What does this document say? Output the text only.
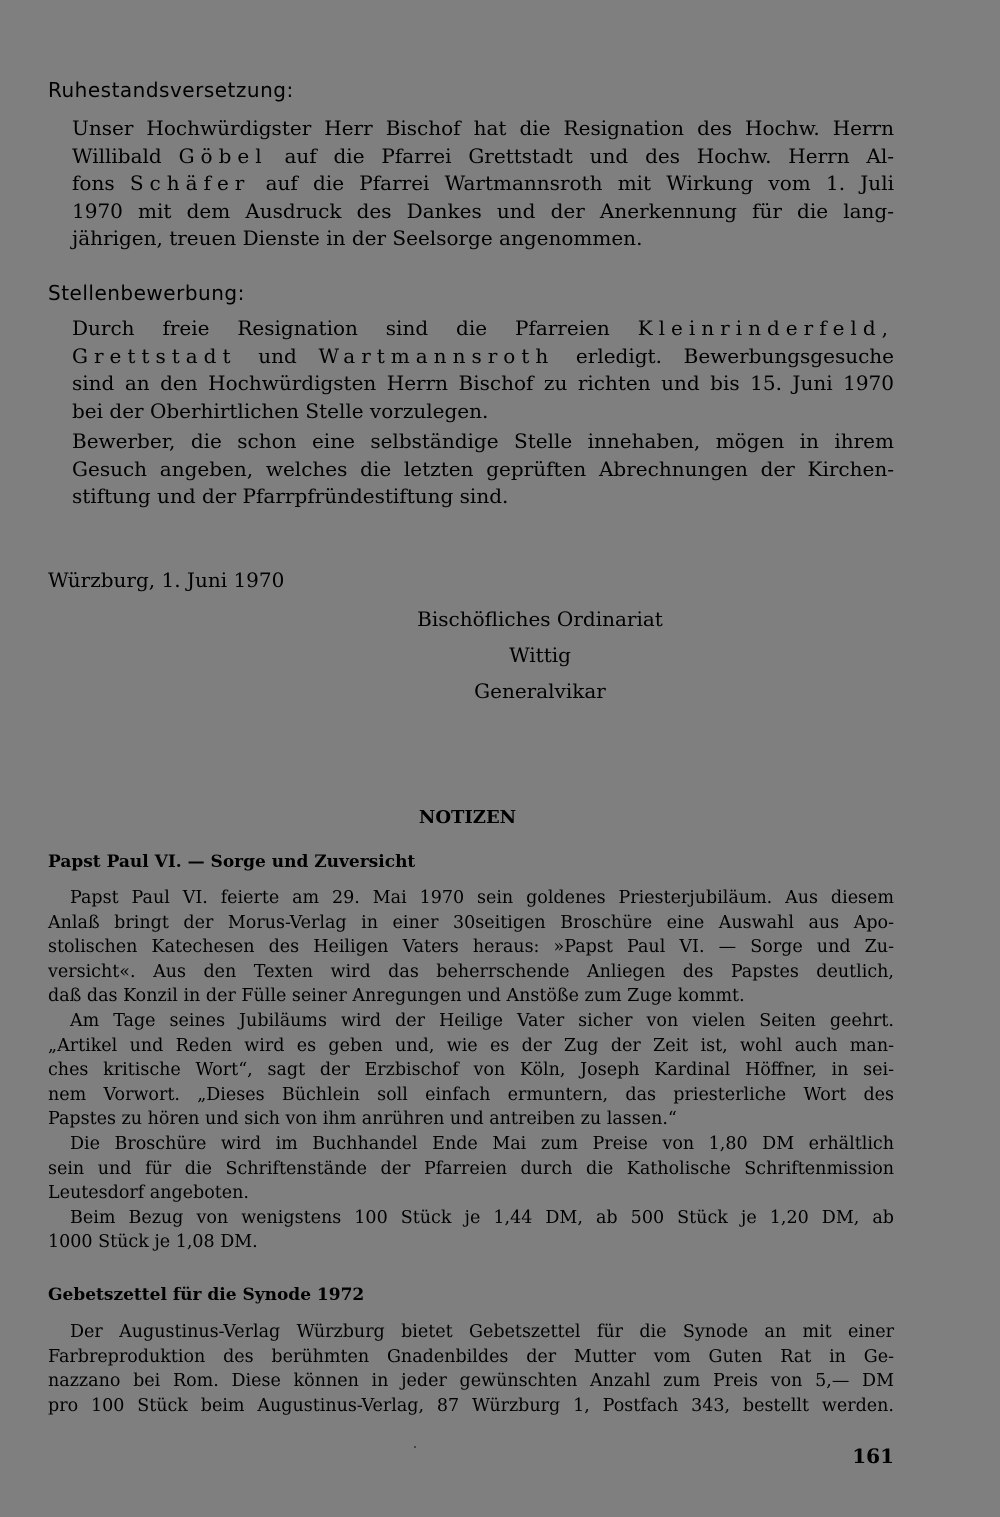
Ruhestandsversetzung:
Unser Hochwürdigster Herr Bischof hat die Resignation des Hochw. Herrn
Willibald Göbel auf die Pfarrei Grettstadt und des Hochw. Herrn Al-
fons Schäfer auf die Pfarrei Wartmannsroth mit Wirkung vom 1. Juli
1970 mit dem Ausdruck des Dankes und der Anerkennung für die lang-
jährigen, treuen Dienste in der Seelsorge angenommen.
Stellenbewerbung:
Durch freie Resignation sind die Pfarreien Kleinrinderfeld,
Grettstadt und Wartmannsroth erledigt. Bewerbungsgesuche
sind an den Hochwürdigsten Herrn Bischof zu richten und bis 15. Juni 1970
bei der Oberhirtlichen Stelle vorzulegen.
Bewerber, die schon eine selbständige Stelle innehaben, mögen in ihrem
Gesuch angeben, welches die letzten geprüften Abrechnungen der Kirchen-
stiftung und der Pfarrpfründestiftung sind.
Würzburg, 1. Juni 1970
Bischöfliches Ordinariat
Wittig
Generalvikar
NOTIZEN
Papst Paul VI. — Sorge und Zuversicht
Papst Paul VI. feierte am 29. Mai 1970 sein goldenes Priesterjubiläum. Aus diesem
Anlaß bringt der Morus-Verlag in einer 30seitigen Broschüre eine Auswahl aus Apo-
stolischen Katechesen des Heiligen Vaters heraus: »Papst Paul VI. — Sorge und Zu-
versicht«. Aus den Texten wird das beherrschende Anliegen des Papstes deutlich,
daß das Konzil in der Fülle seiner Anregungen und Anstöße zum Zuge kommt.
Am Tage seines Jubiläums wird der Heilige Vater sicher von vielen Seiten geehrt.
„Artikel und Reden wird es geben und, wie es der Zug der Zeit ist, wohl auch man-
ches kritische Wort“, sagt der Erzbischof von Köln, Joseph Kardinal Höffner, in sei-
nem Vorwort. „Dieses Büchlein soll einfach ermuntern, das priesterliche Wort des
Papstes zu hören und sich von ihm anrühren und antreiben zu lassen.“
Die Broschüre wird im Buchhandel Ende Mai zum Preise von 1,80 DM erhältlich
sein und für die Schriftenstände der Pfarreien durch die Katholische Schriftenmission
Leutesdorf angeboten.
Beim Bezug von wenigstens 100 Stück je 1,44 DM, ab 500 Stück je 1,20 DM, ab
1000 Stück je 1,08 DM.
Gebetszettel für die Synode 1972
Der Augustinus-Verlag Würzburg bietet Gebetszettel für die Synode an mit einer
Farbreproduktion des berühmten Gnadenbildes der Mutter vom Guten Rat in Ge-
nazzano bei Rom. Diese können in jeder gewünschten Anzahl zum Preis von 5,— DM
pro 100 Stück beim Augustinus-Verlag, 87 Würzburg 1, Postfach 343, bestellt werden.
161
